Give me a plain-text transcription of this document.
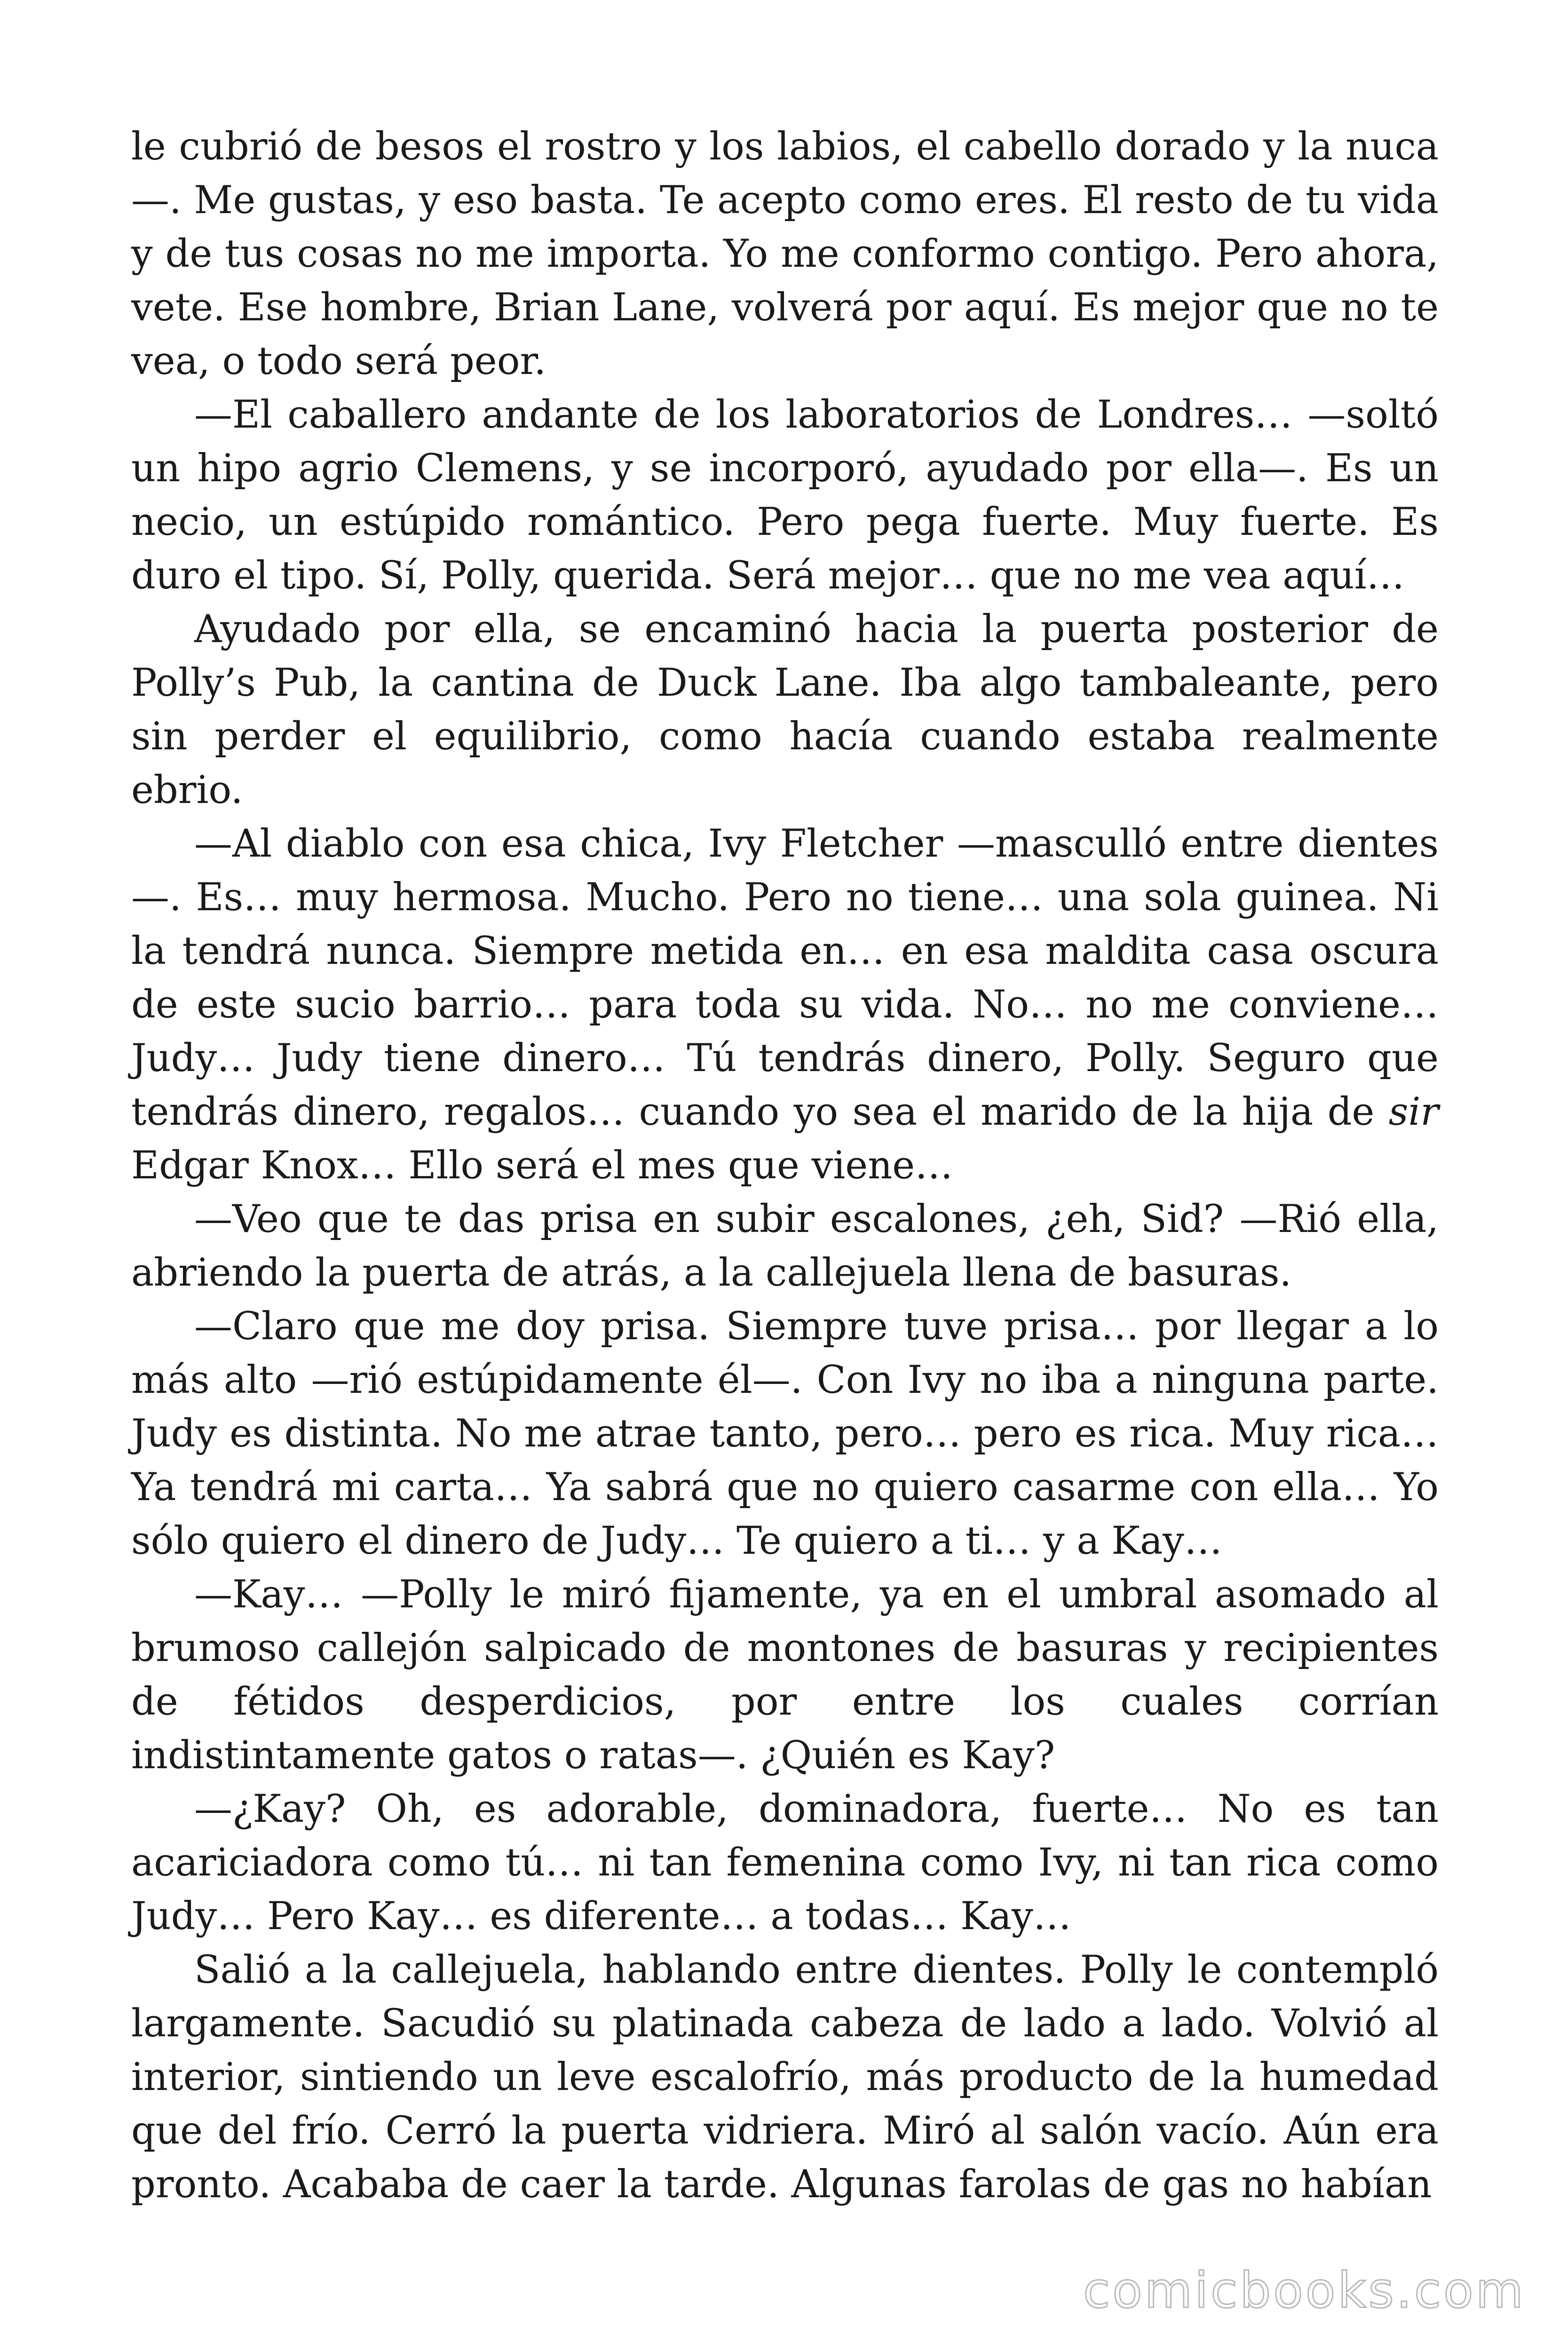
le cubrió de besos el rostro y los labios, el cabello dorado y la nuca —. Me gustas, y eso basta. Te acepto como eres. El resto de tu vida y de tus cosas no me importa. Yo me conformo contigo. Pero ahora, vete. Ese hombre, Brian Lane, volverá por aquí. Es mejor que no te vea, o todo será peor.

—El caballero andante de los laboratorios de Londres… —soltó un hipo agrio Clemens, y se incorporó, ayudado por ella—. Es un necio, un estúpido romántico. Pero pega fuerte. Muy fuerte. Es duro el tipo. Sí, Polly, querida. Será mejor… que no me vea aquí…

Ayudado por ella, se encaminó hacia la puerta posterior de Polly’s Pub, la cantina de Duck Lane. Iba algo tambaleante, pero sin perder el equilibrio, como hacía cuando estaba realmente ebrio.

—Al diablo con esa chica, Ivy Fletcher —masculló entre dientes —. Es… muy hermosa. Mucho. Pero no tiene… una sola guinea. Ni la tendrá nunca. Siempre metida en… en esa maldita casa oscura de este sucio barrio… para toda su vida. No… no me conviene… Judy… Judy tiene dinero… Tú tendrás dinero, Polly. Seguro que tendrás dinero, regalos… cuando yo sea el marido de la hija de sir Edgar Knox… Ello será el mes que viene…

—Veo que te das prisa en subir escalones, ¿eh, Sid? —Rió ella, abriendo la puerta de atrás, a la callejuela llena de basuras.

—Claro que me doy prisa. Siempre tuve prisa… por llegar a lo más alto —rió estúpidamente él—. Con Ivy no iba a ninguna parte. Judy es distinta. No me atrae tanto, pero… pero es rica. Muy rica… Ya tendrá mi carta… Ya sabrá que no quiero casarme con ella… Yo sólo quiero el dinero de Judy… Te quiero a ti… y a Kay…

—Kay… —Polly le miró fijamente, ya en el umbral asomado al brumoso callejón salpicado de montones de basuras y recipientes de fétidos desperdicios, por entre los cuales corrían indistintamente gatos o ratas—. ¿Quién es Kay?

—¿Kay? Oh, es adorable, dominadora, fuerte… No es tan acariciadora como tú… ni tan femenina como Ivy, ni tan rica como Judy… Pero Kay… es diferente… a todas… Kay…

Salió a la callejuela, hablando entre dientes. Polly le contempló largamente. Sacudió su platinada cabeza de lado a lado. Volvió al interior, sintiendo un leve escalofrío, más producto de la humedad que del frío. Cerró la puerta vidriera. Miró al salón vacío. Aún era pronto. Acababa de caer la tarde. Algunas farolas de gas no habían

comicbooks.com
